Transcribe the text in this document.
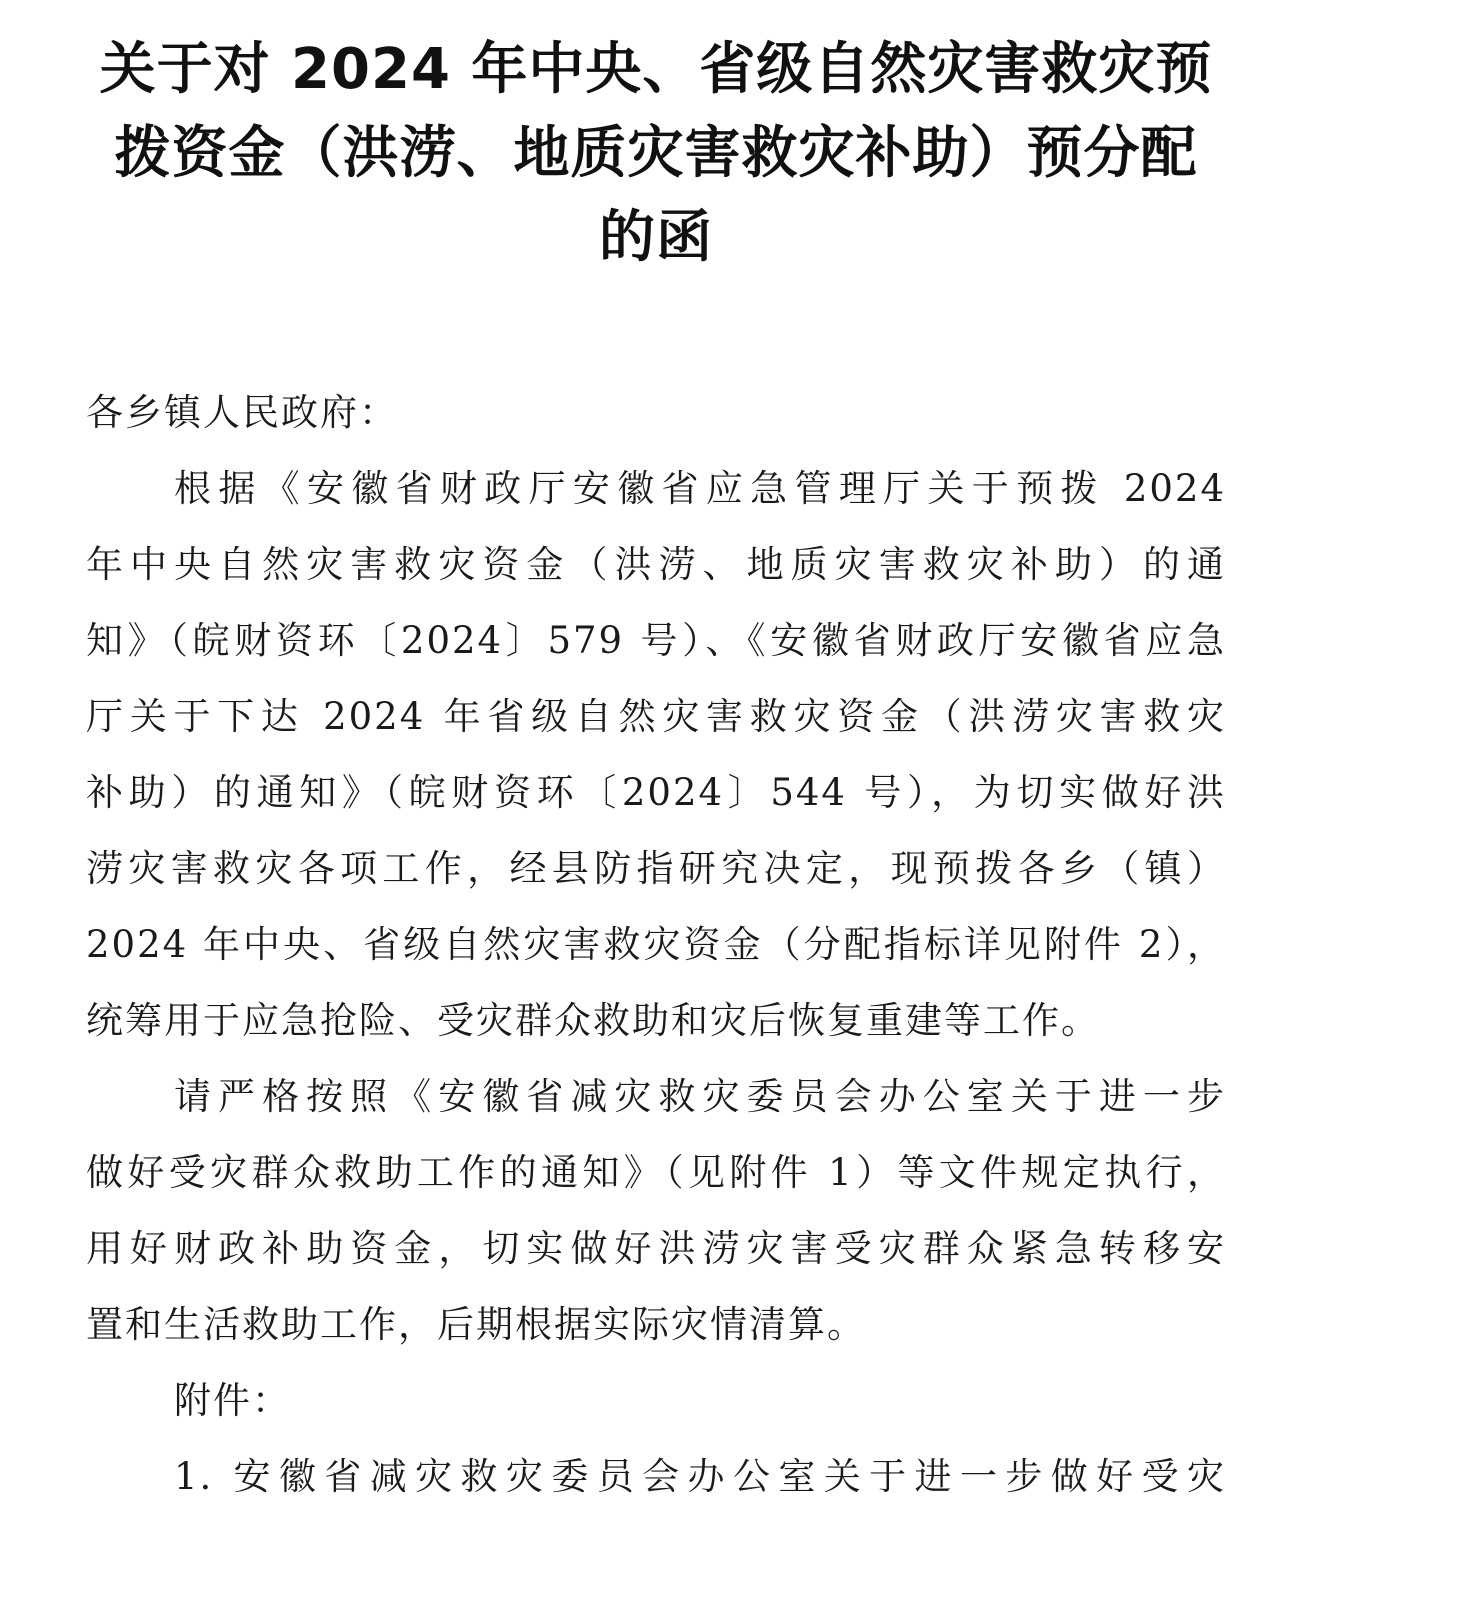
关于对 2024 年中央、省级自然灾害救灾预
拨资金（洪涝、地质灾害救灾补助）预分配
的函
各乡镇人民政府：
根据《安徽省财政厅安徽省应急管理厅关于预拨 2024
年中央自然灾害救灾资金（洪涝、地质灾害救灾补助）的通
知》（皖财资环〔2024〕579 号）、《安徽省财政厅安徽省应急
厅关于下达 2024 年省级自然灾害救灾资金（洪涝灾害救灾
补助）的通知》（皖财资环〔2024〕544 号），为切实做好洪
涝灾害救灾各项工作，经县防指研究决定，现预拨各乡（镇）
2024 年中央、省级自然灾害救灾资金（分配指标详见附件 2），
统筹用于应急抢险、受灾群众救助和灾后恢复重建等工作。
请严格按照《安徽省减灾救灾委员会办公室关于进一步
做好受灾群众救助工作的通知》（见附件 1）等文件规定执行，
用好财政补助资金，切实做好洪涝灾害受灾群众紧急转移安
置和生活救助工作，后期根据实际灾情清算。
附件：
1. 安徽省减灾救灾委员会办公室关于进一步做好受灾
